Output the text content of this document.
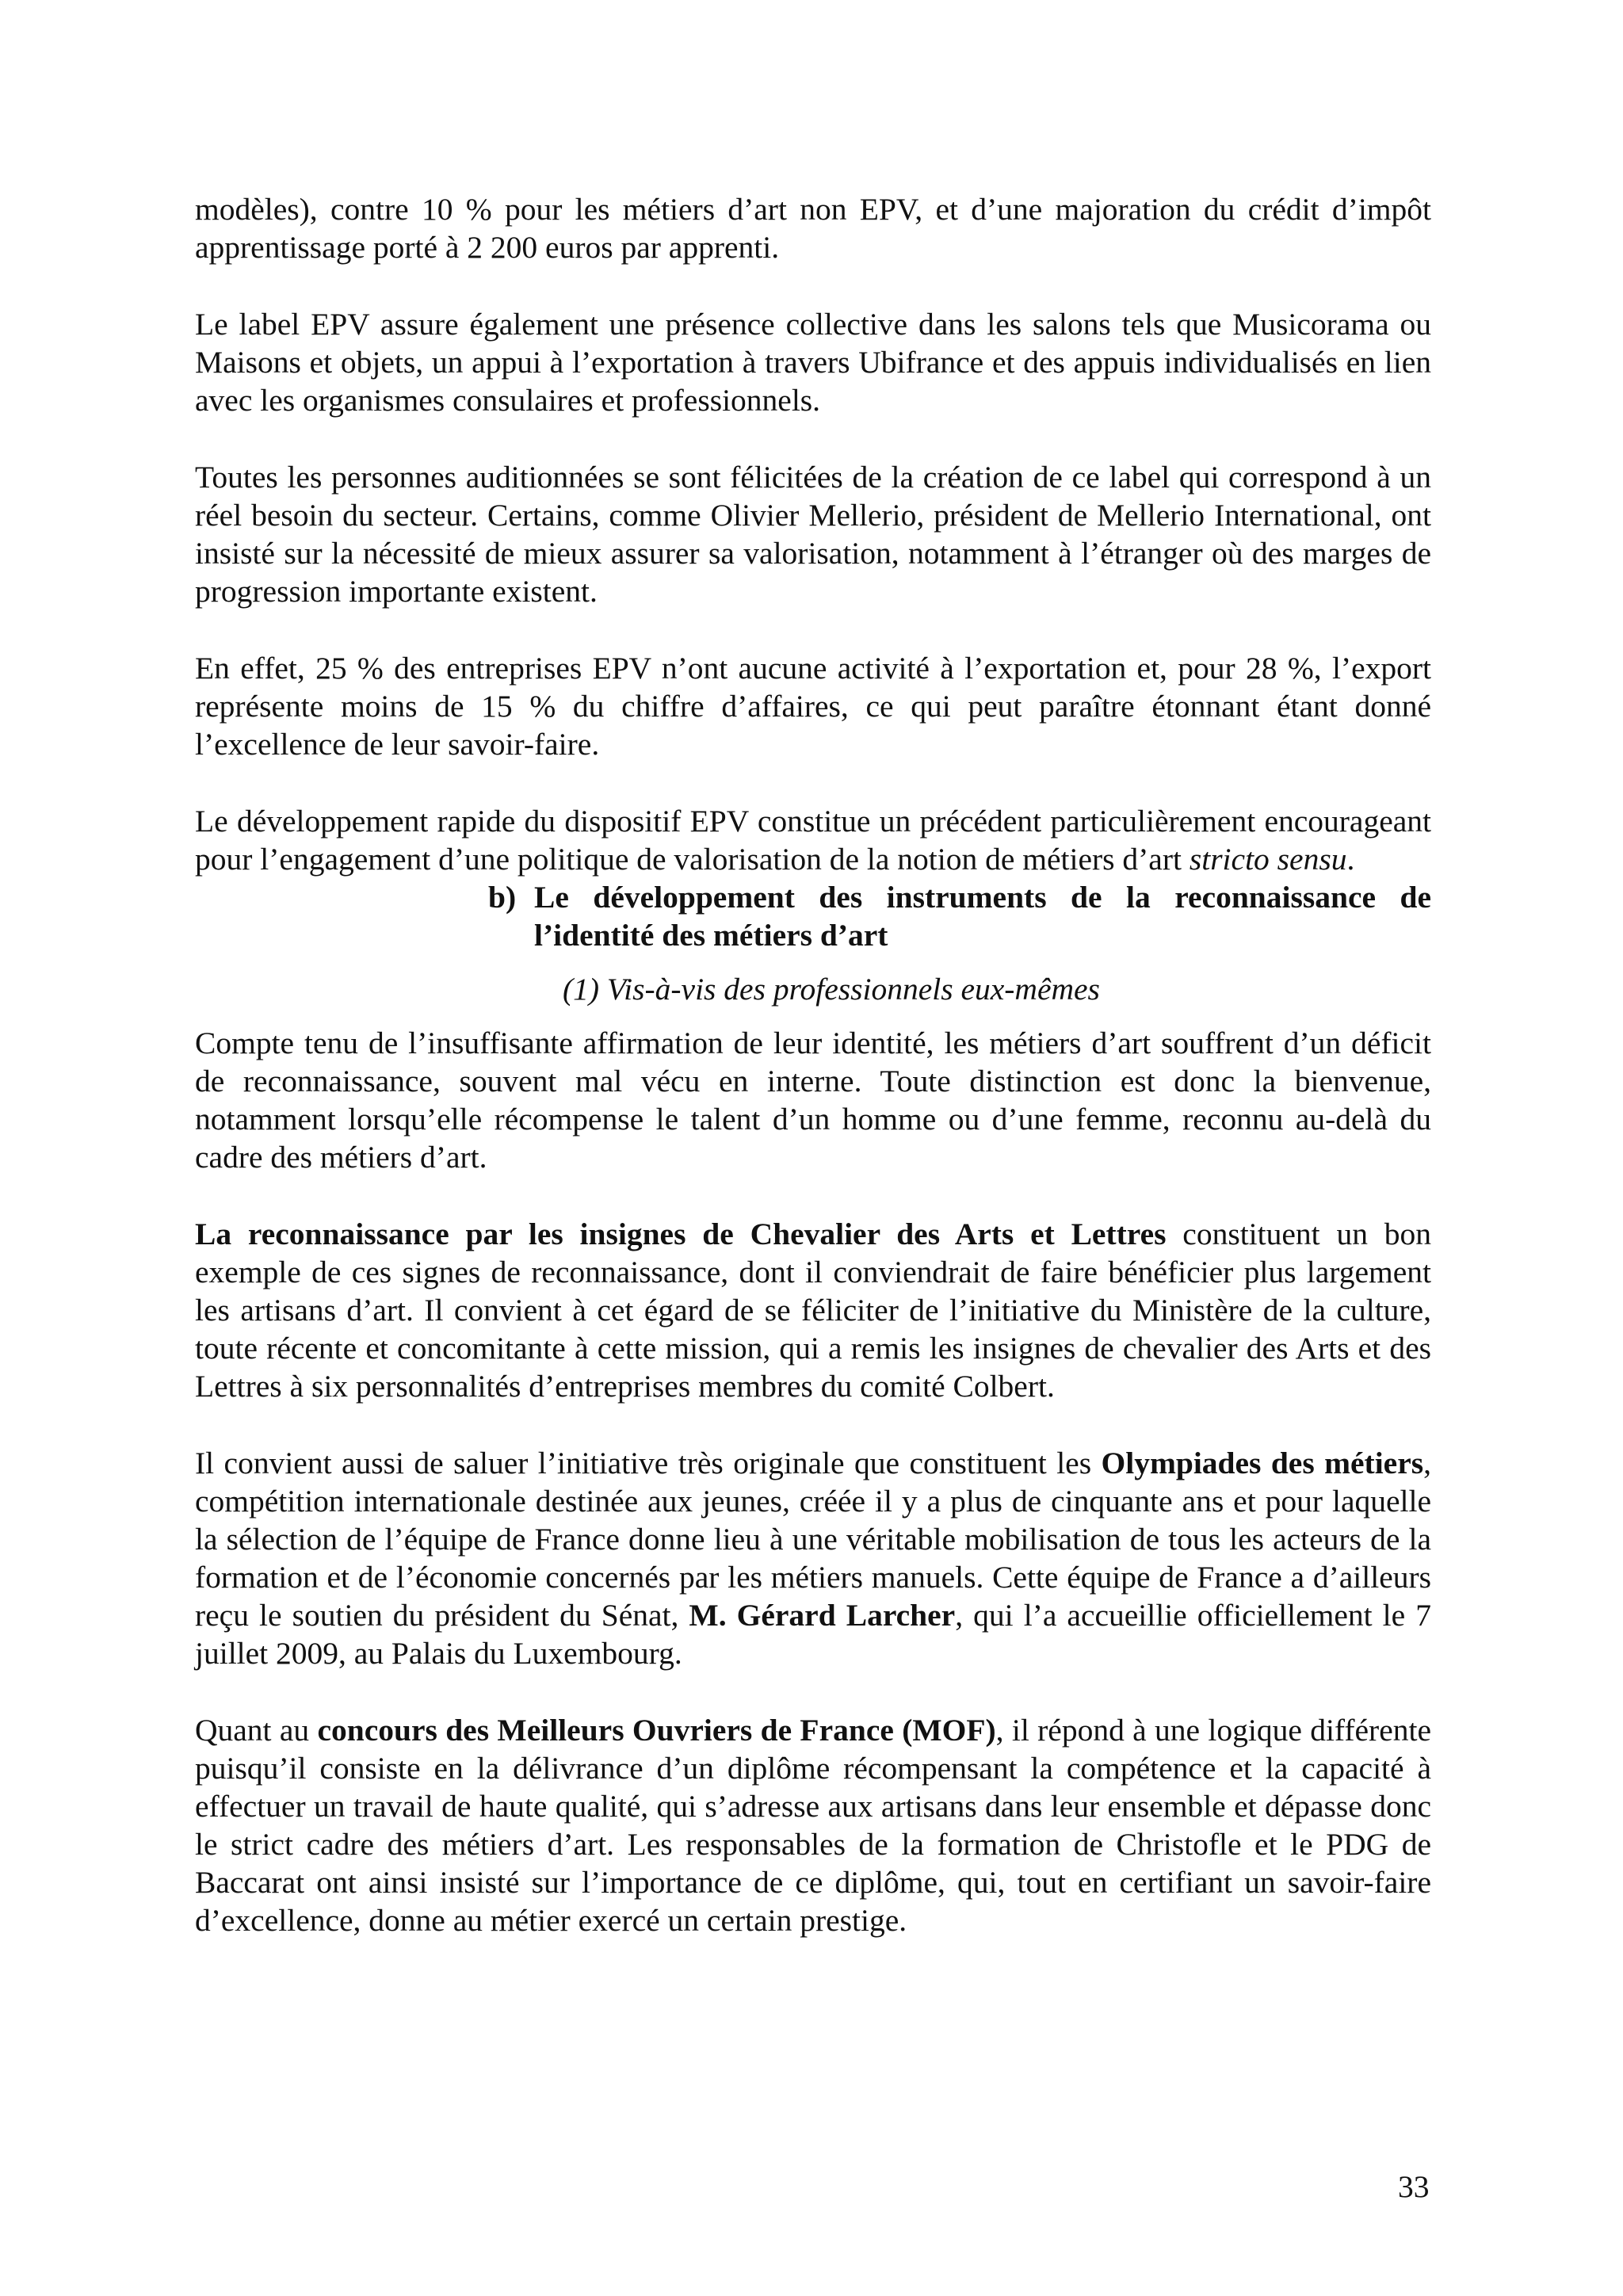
modèles), contre 10 % pour les métiers d’art non EPV, et d’une majoration du crédit d’impôt apprentissage porté à 2 200 euros par apprenti.

Le label EPV assure également une présence collective dans les salons tels que Musicorama ou Maisons et objets, un appui à l’exportation à travers Ubifrance et des appuis individualisés en lien avec les organismes consulaires et professionnels.

Toutes les personnes auditionnées se sont félicitées de la création de ce label qui correspond à un réel besoin du secteur. Certains, comme Olivier Mellerio, président de Mellerio International, ont insisté sur la nécessité de mieux assurer sa valorisation, notamment à l’étranger où des marges de progression importante existent.

En effet, 25 % des entreprises EPV n’ont aucune activité à l’exportation et, pour 28 %, l’export représente moins de 15 % du chiffre d’affaires, ce qui peut paraître étonnant étant donné l’excellence de leur savoir-faire.

Le développement rapide du dispositif EPV constitue un précédent particulièrement encourageant pour l’engagement d’une politique de valorisation de la notion de métiers d’art stricto sensu.

b) Le développement des instruments de la reconnaissance de l’identité des métiers d’art
(1) Vis-à-vis des professionnels eux-mêmes

Compte tenu de l’insuffisante affirmation de leur identité, les métiers d’art souffrent d’un déficit de reconnaissance, souvent mal vécu en interne. Toute distinction est donc la bienvenue, notamment lorsqu’elle récompense le talent d’un homme ou d’une femme, reconnu au-delà du cadre des métiers d’art.

La reconnaissance par les insignes de Chevalier des Arts et Lettres constituent un bon exemple de ces signes de reconnaissance, dont il conviendrait de faire bénéficier plus largement les artisans d’art. Il convient à cet égard de se féliciter de l’initiative du Ministère de la culture, toute récente et concomitante à cette mission, qui a remis les insignes de chevalier des Arts et des Lettres à six personnalités d’entreprises membres du comité Colbert.

Il convient aussi de saluer l’initiative très originale que constituent les Olympiades des métiers, compétition internationale destinée aux jeunes, créée il y a plus de cinquante ans et pour laquelle la sélection de l’équipe de France donne lieu à une véritable mobilisation de tous les acteurs de la formation et de l’économie concernés par les métiers manuels. Cette équipe de France a d’ailleurs reçu le soutien du président du Sénat, M. Gérard Larcher, qui l’a accueillie officiellement le 7 juillet 2009, au Palais du Luxembourg.

Quant au concours des Meilleurs Ouvriers de France (MOF), il répond à une logique différente puisqu’il consiste en la délivrance d’un diplôme récompensant la compétence et la capacité à effectuer un travail de haute qualité, qui s’adresse aux artisans dans leur ensemble et dépasse donc le strict cadre des métiers d’art. Les responsables de la formation de Christofle et le PDG de Baccarat ont ainsi insisté sur l’importance de ce diplôme, qui, tout en certifiant un savoir-faire d’excellence, donne au métier exercé un certain prestige.

33
